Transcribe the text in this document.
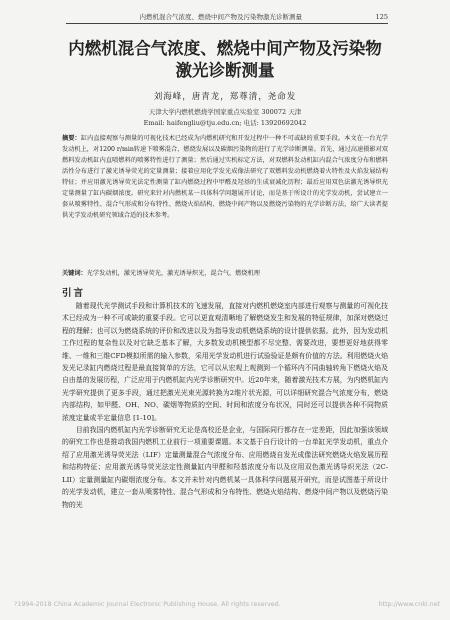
内燃机混合气浓度、燃烧中间产物及污染物激光诊断测量	125
内燃机混合气浓度、燃烧中间产物及污染物
激光诊断测量
刘海峰，唐青龙，郑尊清，尧命发
天津大学内燃机燃烧学国家重点实验室 300072 天津
Email: haifengliu@tju.edu.cn; 电话: 13920692042
摘要：缸内直接观察与测量的可视化技术已经成为内燃机研究和开发过程中一种不可或缺的重要手段。本文在一台光学发动机上，对1200 r/min转速下喷雾混合、燃烧发展以及碳烟污染物的进行了光学诊断测量。首先，通过高速摄影对双燃料发动机缸内直喷燃料的喷雾特性进行了测量；然后通过实机标定方法，对双燃料发动机缸内混合气浓度分布和燃料活性分布进行了激光诱导荧光的定量测量；接着应用化学发光成像法研究了双燃料发动机燃烧着火特性及火焰发展结构特征；并应用激光诱导荧光法定性测量了缸内燃烧过程中甲醛及羟基的生成衰减化历程；最后应用双色法激光诱导炽光定量测量了缸内碳烟浓度。研究来针对内燃机某一具体科学问题展开讨论，而是基于所设计的光学发动机，尝试建立一套从喷雾特性、混合气形成和分布特性、燃烧火焰结构、燃烧中间产物以及燃烧污染物的光学诊断方法，给广大读者提供光学发动机研究领域合适的技术参考。
关键词：光学发动机，激光诱导荧光，激光诱导炽光，混合气，燃烧机理
引言

随着现代光学测试手段和计算机技术的飞速发展，直接对内燃机燃烧室内部进行观察与测量的可视化技术已经成为一种不可或缺的重要手段。它可以更直观清晰地了解燃烧发生和发展的特征规律，加深对燃烧过程的理解；也可以为燃烧系统的评价和改进以及为指导发动机燃烧系统的设计提供依据。此外，因为发动机工作过程的复杂性以及对它缺乏基本了解，大多数发动机模型都不尽完整、需要改进，要想更好地获得零维、一维和三维CFD模拟所需的输入参数，采用光学发动机进行试验验证是颇有价值的方法。利用燃烧火焰发光记录缸内燃烧过程是最直接简单的方法，它可以从宏观上观测到一个循环内不同曲轴转角下燃烧火焰及自由基的发展历程，广泛应用于内燃机缸内光学诊断研究中。近20年来，随着激光技术方展，为内燃机缸内光学研究提供了更多手段，通过把激光光束光源转换为2维片状光源，可以详细研究混合气浓度分布，燃烧内部结构，如甲醛、OH、NO、碳烟等物质的空间、时间和浓度分布状况，同时还可以提供各种不同物质浓度定量或半定量信息 [1-10]。

目前我国内燃机缸内光学诊断研究无论是高校还是企业，与国际同行都存在一定差距，因此加强该领域的研究工作也是推动我国内燃机工业前行一项重要课题。本文基于自行设计的一台单缸光学发动机，重点介绍了应用激光诱导荧光法（LIF）定量测量混合气浓度分布、应用燃烧自发光成像法研究燃烧火焰发展历程和结构特征；应用激光诱导荧光法定性测量缸内甲醛和羟基浓度分布以及应用双色激光诱导炽光法（2C-LII）定量测量缸内碳烟浓度分布。本文并未针对内燃机某一具体科学问题展开研究，而是试图基于所设计的光学发动机，建立一套从喷雾特性、混合气形成和分布特性、燃烧火焰结构、燃烧中间产物以及燃烧污染物的光

?1994-2018 China Academic Journal Electronic Publishing House. All rights reserved.	http://www.cnki.net
